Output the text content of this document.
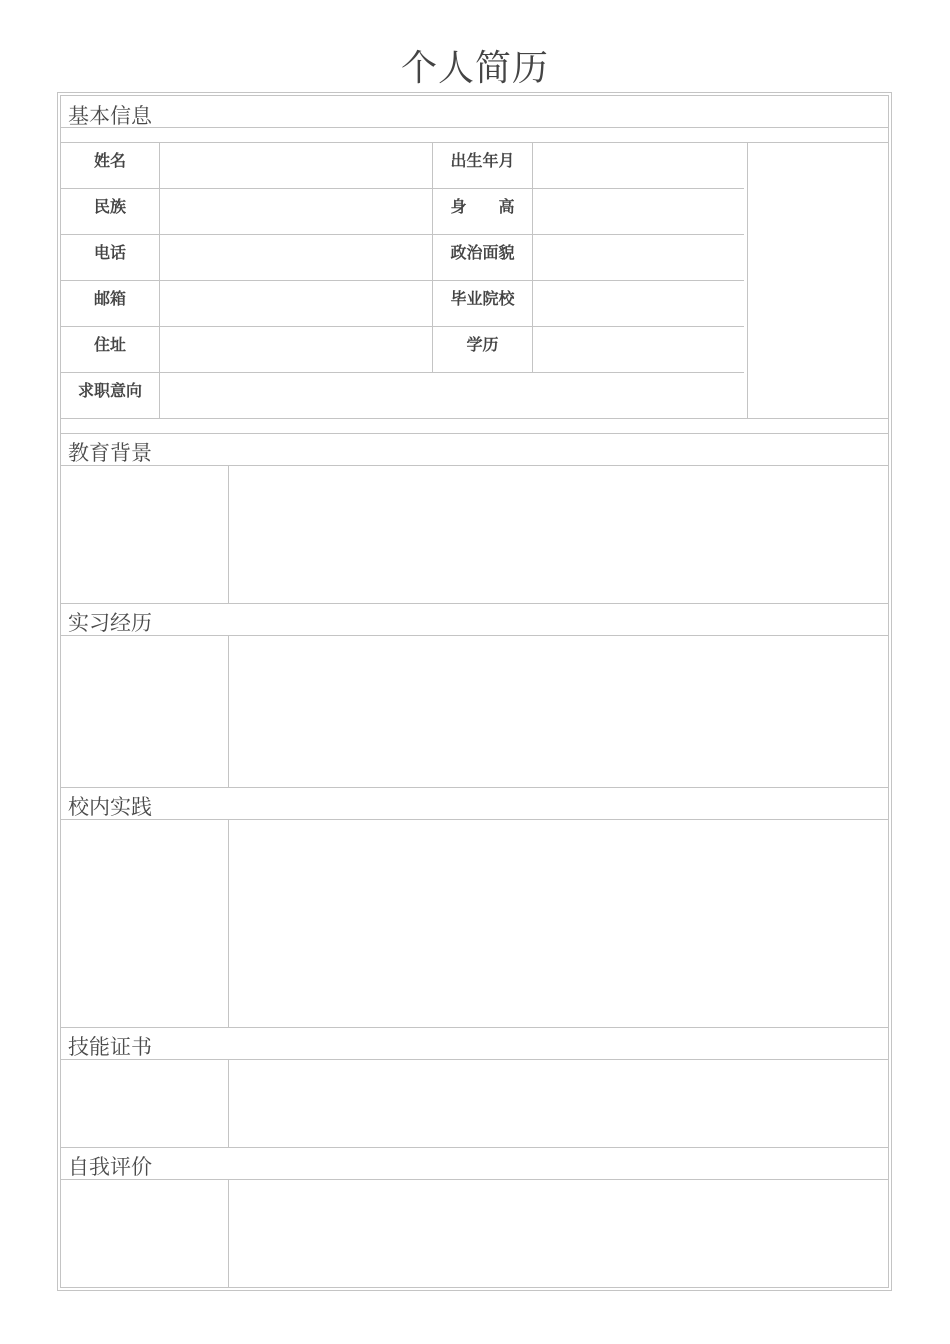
个人简历
基本信息
姓名
民族
电话
邮箱
住址
求职意向
出生年月
身　　高
政治面貌
毕业院校
学历
教育背景
实习经历
校内实践
技能证书
自我评价
